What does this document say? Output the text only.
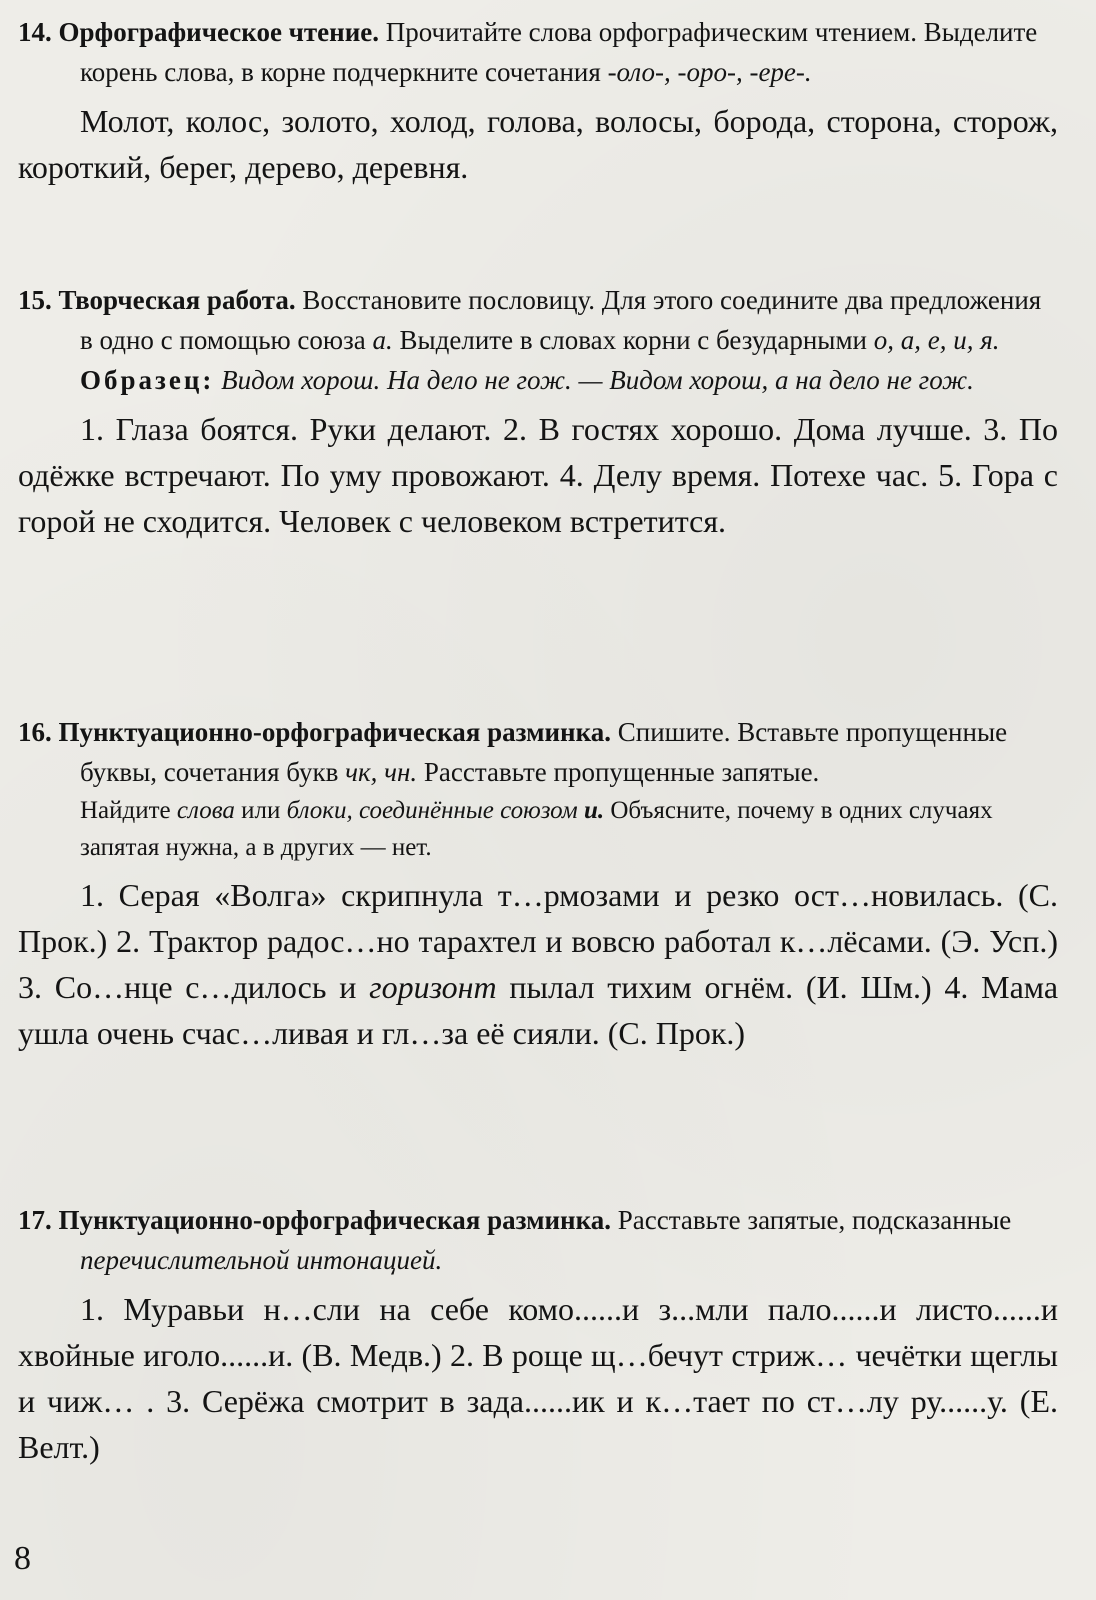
14. Орфографическое чтение. Прочитайте слова орфографическим чтением. Выделите корень слова, в корне подчеркните сочетания -оло-, -оро-, -ере-.

Молот, колос, золото, холод, голова, волосы, борода, сторона, сторож, короткий, берег, дерево, деревня.

15. Творческая работа. Восстановите пословицу. Для этого соедините два предложения в одно с помощью союза а. Выделите в словах корни с безударными о, а, е, и, я.

Образец: Видом хорош. На дело не гож. — Видом хорош, а на дело не гож.

1. Глаза боятся. Руки делают. 2. В гостях хорошо. Дома лучше. 3. По одёжке встречают. По уму провожают. 4. Делу время. Потехе час. 5. Гора с горой не сходится. Человек с человеком встретится.

16. Пунктуационно-орфографическая разминка. Спишите. Вставьте пропущенные буквы, сочетания букв чк, чн. Расставьте пропущенные запятые.

Найдите слова или блоки, соединённые союзом и. Объясните, почему в одних случаях запятая нужна, а в других — нет.

1. Серая «Волга» скрипнула т…рмозами и резко ост…новилась. (С. Прок.) 2. Трактор радос…но тарахтел и вовсю работал к…лёсами. (Э. Усп.) 3. Со…нце с…дилось и горизонт пылал тихим огнём. (И. Шм.) 4. Мама ушла очень счас…ливая и гл…за её сияли. (С. Прок.)

17. Пунктуационно-орфографическая разминка. Расставьте запятые, подсказанные перечислительной интонацией.

1. Муравьи н…сли на себе комо......и з...мли пало......и листо......и хвойные иголо......и. (В. Медв.) 2. В роще щ…бечут стриж… чечётки щеглы и чиж… . 3. Серёжа смотрит в зада......ик и к…тает по ст…лу ру......у. (Е. Велт.)

8
